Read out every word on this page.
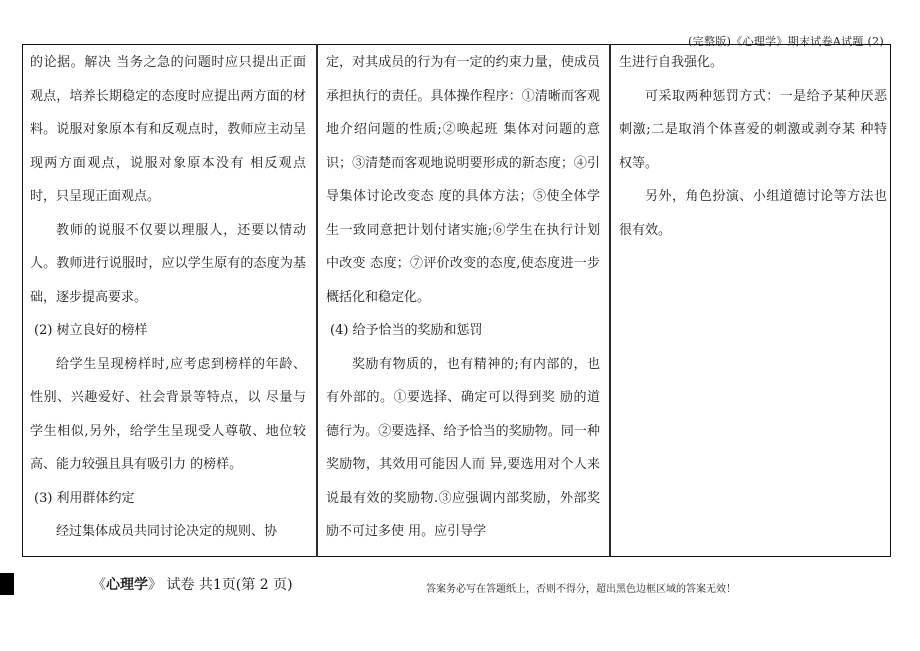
(完整版)《心理学》期末试卷A试题 (2)

的论据。解决 当务之急的问题时应只提出正面观点，培养长期稳定的态度时应提出两方面的材 料。说服对象原本有和反观点时，教师应主动呈现两方面观点，说服对象原本没有 相反观点时，只呈现正面观点。

教师的说服不仅要以理服人，还要以情动人。教师进行说服时，应以学生原有的态度为基础，逐步提高要求。

(2) 树立良好的榜样

给学生呈现榜样时,应考虑到榜样的年龄、性别、兴趣爱好、社会背景等特点，以 尽量与学生相似,另外，给学生呈现受人尊敬、地位较高、能力较强且具有吸引力 的榜样。

(3) 利用群体约定

经过集体成员共同讨论决定的规则、协

定，对其成员的行为有一定的约束力量，使成员承担执行的责任。具体操作程序：①清晰而客观地介绍问题的性质;②唤起班 集体对问题的意识；③清楚而客观地说明要形成的新态度；④引导集体讨论改变态 度的具体方法；⑤使全体学生一致同意把计划付诸实施;⑥学生在执行计划中改变 态度；⑦评价改变的态度,使态度进一步概括化和稳定化。

(4) 给予恰当的奖励和惩罚

奖励有物质的，也有精神的;有内部的，也有外部的。①要选择、确定可以得到奖 励的道德行为。②要选择、给予恰当的奖励物。同一种奖励物，其效用可能因人而 异,要选用对个人来说最有效的奖励物.③应强调内部奖励，外部奖励不可过多使 用。应引导学

生进行自我强化。

可采取两种惩罚方式：一是给予某种厌恶刺激;二是取消个体喜爱的刺激或剥夺某 种特权等。

另外，角色扮演、小组道德讨论等方法也很有效。

《心理学》 试卷 共1页(第 2 页)	答案务必写在答题纸上，否则不得分，超出黑色边框区域的答案无效！
